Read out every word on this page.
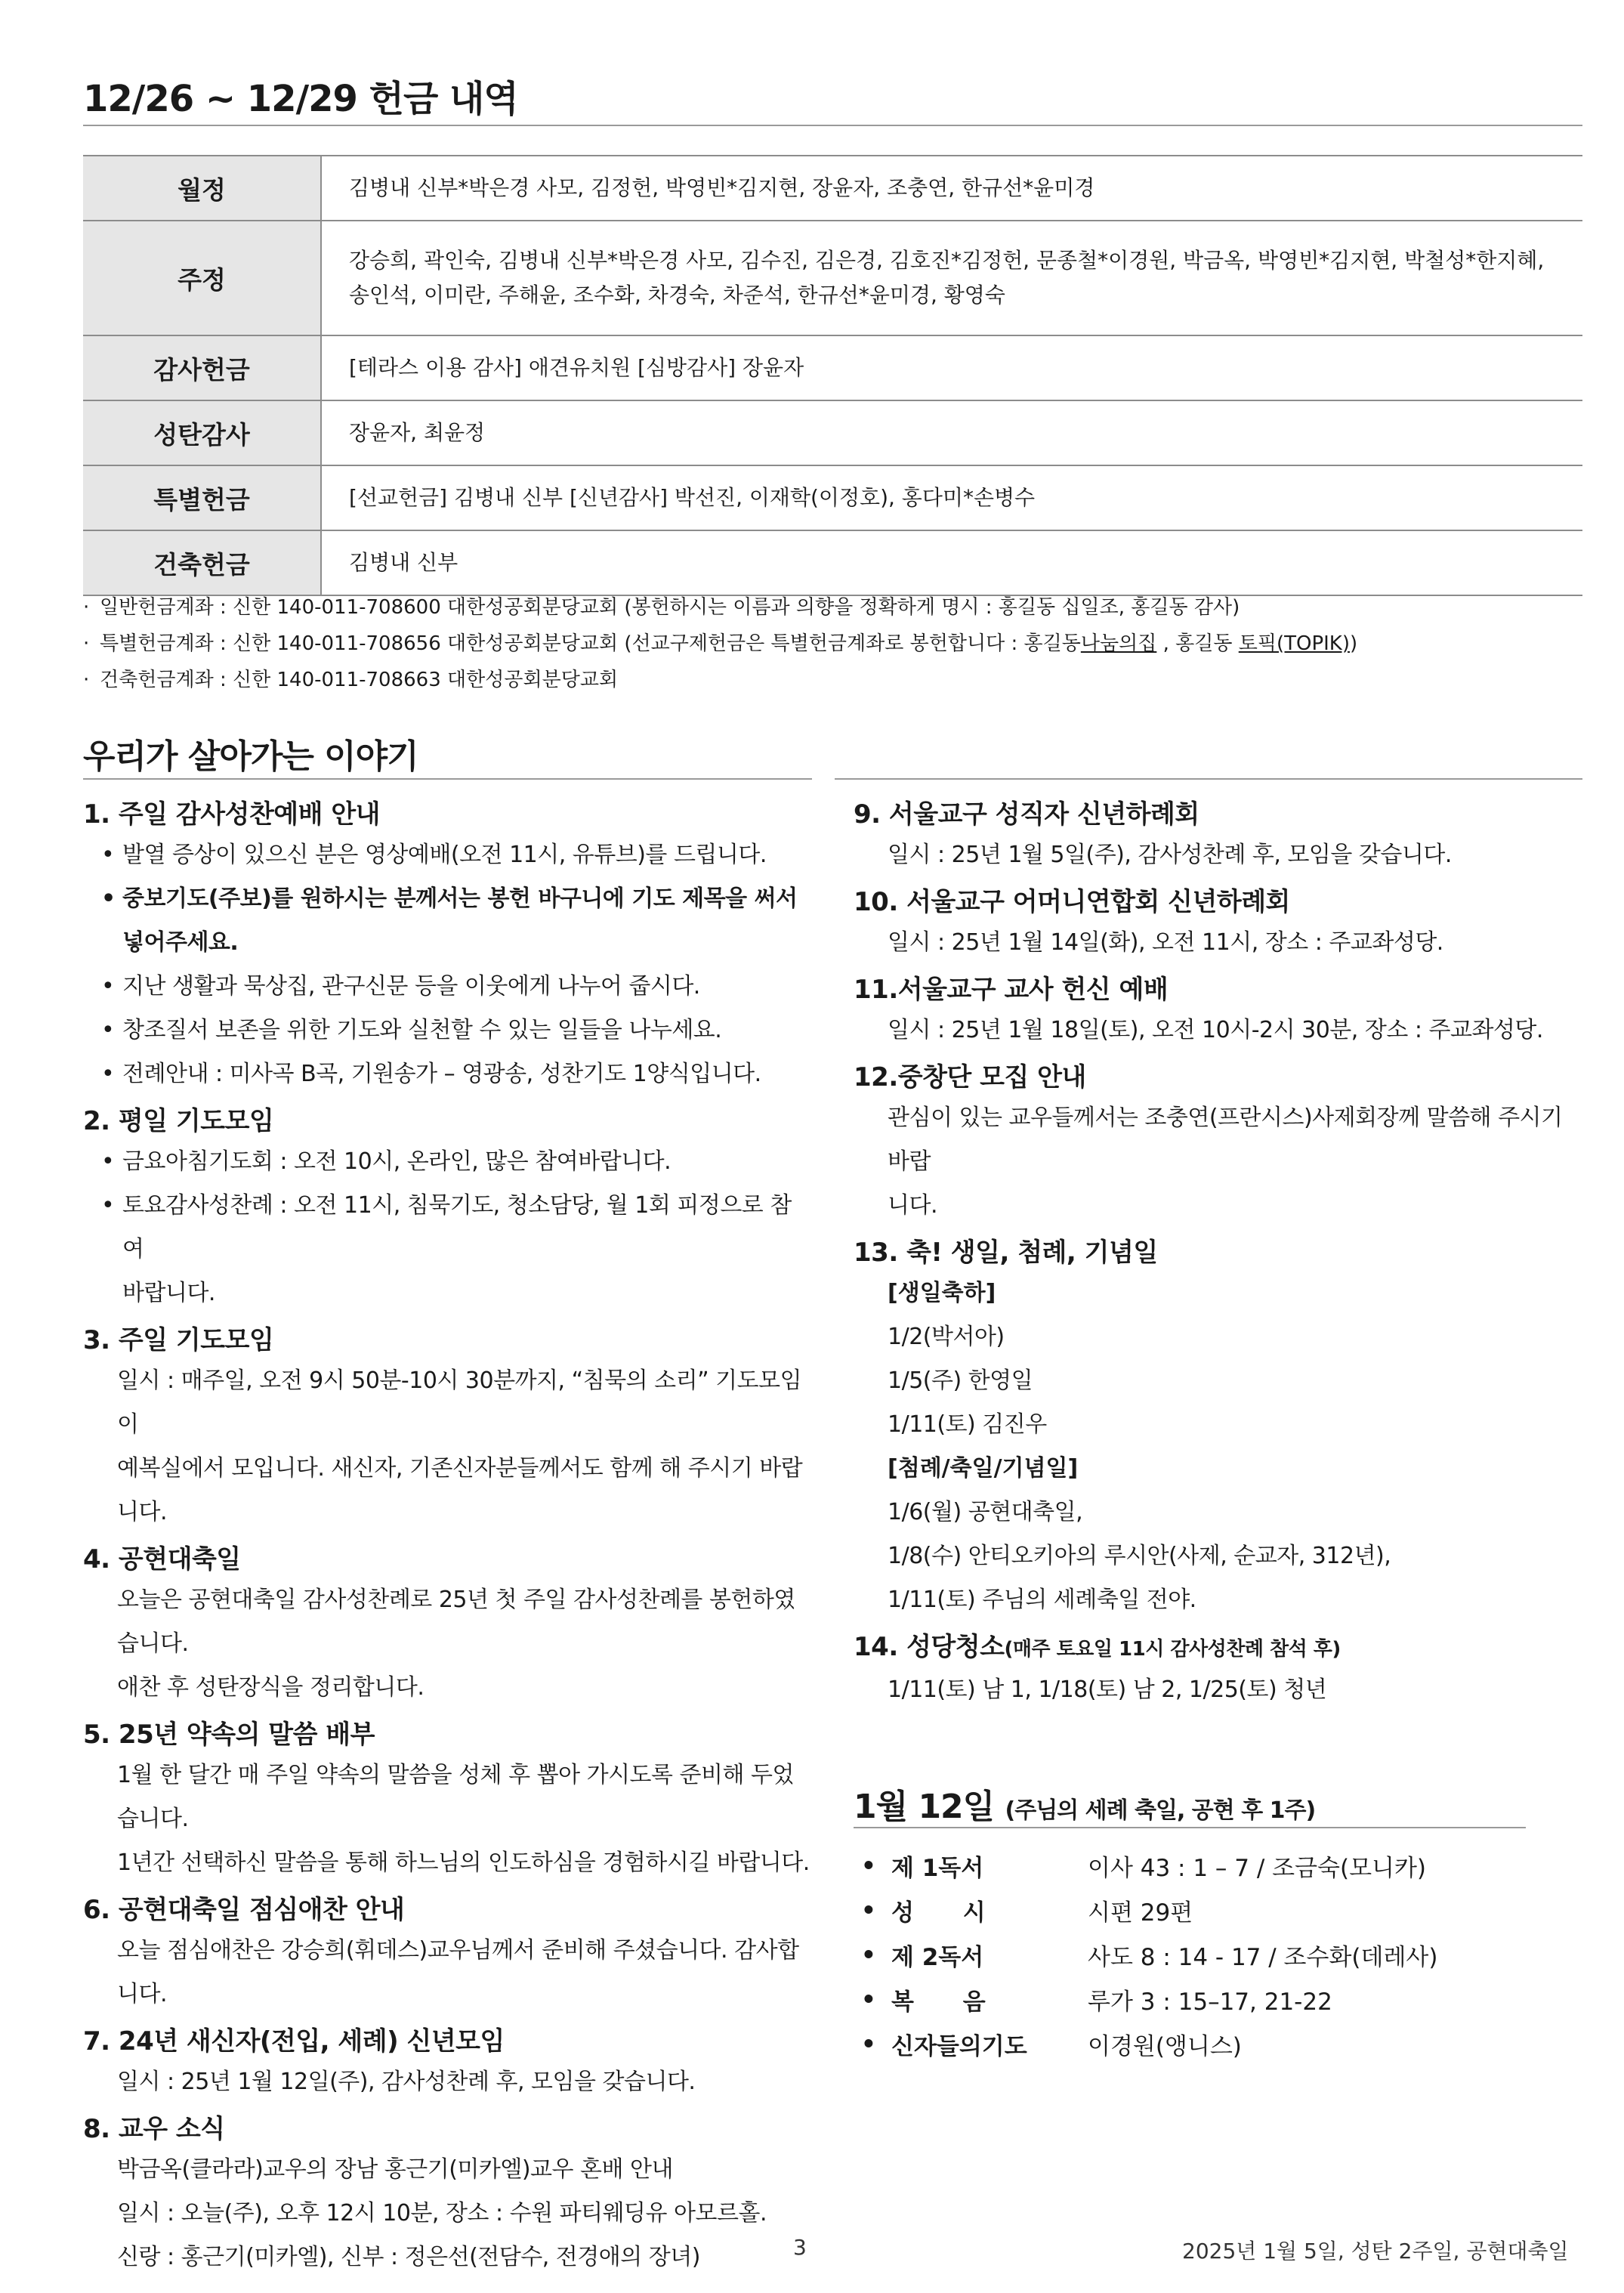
12/26 ~ 12/29 헌금 내역
월정	김병내 신부*박은경 사모, 김정헌, 박영빈*김지현, 장윤자, 조충연, 한규선*윤미경
주정	강승희, 곽인숙, 김병내 신부*박은경 사모, 김수진, 김은경, 김호진*김정헌, 문종철*이경원, 박금옥, 박영빈*김지현, 박철성*한지혜, 송인석, 이미란, 주해윤, 조수화, 차경숙, 차준석, 한규선*윤미경, 황영숙
감사헌금	[테라스 이용 감사] 애견유치원 [심방감사] 장윤자
성탄감사	장윤자, 최윤정
특별헌금	[선교헌금] 김병내 신부 [신년감사] 박선진, 이재학(이정호), 홍다미*손병수
건축헌금	김병내 신부
· 일반헌금계좌 : 신한 140-011-708600 대한성공회분당교회 (봉헌하시는 이름과 의향을 정확하게 명시 : 홍길동 십일조, 홍길동 감사)
· 특별헌금계좌 : 신한 140-011-708656 대한성공회분당교회 (선교구제헌금은 특별헌금계좌로 봉헌합니다 : 홍길동나눔의집 , 홍길동 토픽(TOPIK))
· 건축헌금계좌 : 신한 140-011-708663 대한성공회분당교회
우리가 살아가는 이야기
1. 주일 감사성찬예배 안내
• 발열 증상이 있으신 분은 영상예배(오전 11시, 유튜브)를 드립니다.
• 중보기도(주보)를 원하시는 분께서는 봉헌 바구니에 기도 제목을 써서
넣어주세요.
• 지난 생활과 묵상집, 관구신문 등을 이웃에게 나누어 줍시다.
• 창조질서 보존을 위한 기도와 실천할 수 있는 일들을 나누세요.
• 전례안내 : 미사곡 B곡, 기원송가 – 영광송, 성찬기도 1양식입니다.
2. 평일 기도모임
• 금요아침기도회 : 오전 10시, 온라인, 많은 참여바랍니다.
• 토요감사성찬례 : 오전 11시, 침묵기도, 청소담당, 월 1회 피정으로 참여
바랍니다.
3. 주일 기도모임
일시 : 매주일, 오전 9시 50분-10시 30분까지, “침묵의 소리” 기도모임이
예복실에서 모입니다. 새신자, 기존신자분들께서도 함께 해 주시기 바랍
니다.
4. 공현대축일
오늘은 공현대축일 감사성찬례로 25년 첫 주일 감사성찬례를 봉헌하였습니다.
애찬 후 성탄장식을 정리합니다.
5. 25년 약속의 말씀 배부
1월 한 달간 매 주일 약속의 말씀을 성체 후 뽑아 가시도록 준비해 두었습니다.
1년간 선택하신 말씀을 통해 하느님의 인도하심을 경험하시길 바랍니다.
6. 공현대축일 점심애찬 안내
오늘 점심애찬은 강승희(휘데스)교우님께서 준비해 주셨습니다. 감사합니다.
7. 24년 새신자(전입, 세례) 신년모임
일시 : 25년 1월 12일(주), 감사성찬례 후, 모임을 갖습니다.
8. 교우 소식
박금옥(클라라)교우의 장남 홍근기(미카엘)교우 혼배 안내
일시 : 오늘(주), 오후 12시 10분, 장소 : 수원 파티웨딩유 아모르홀.
신랑 : 홍근기(미카엘), 신부 : 정은선(전담수, 전경애의 장녀)
9. 서울교구 성직자 신년하례회
일시 : 25년 1월 5일(주), 감사성찬례 후, 모임을 갖습니다.
10. 서울교구 어머니연합회 신년하례회
일시 : 25년 1월 14일(화), 오전 11시, 장소 : 주교좌성당.
11.서울교구 교사 헌신 예배
일시 : 25년 1월 18일(토), 오전 10시-2시 30분, 장소 : 주교좌성당.
12.중창단 모집 안내
관심이 있는 교우들께서는 조충연(프란시스)사제회장께 말씀해 주시기 바랍
니다.
13. 축! 생일, 첨례, 기념일
[생일축하]
1/2(박서아)
1/5(주) 한영일
1/11(토) 김진우
[첨례/축일/기념일]
1/6(월) 공현대축일,
1/8(수) 안티오키아의 루시안(사제, 순교자, 312년),
1/11(토) 주님의 세례축일 전야.
14. 성당청소(매주 토요일 11시 감사성찬례 참석 후)
1/11(토) 남 1, 1/18(토) 남 2, 1/25(토) 청년
1월 12일 (주님의 세례 축일, 공현 후 1주)
• 제 1독서	이사 43 : 1 – 7 / 조금숙(모니카)
• 성      시	시편 29편
• 제 2독서	사도 8 : 14 - 17 / 조수화(데레사)
• 복      음	루가 3 : 15–17, 21-22
• 신자들의기도	이경원(앵니스)
3	2025년 1월 5일, 성탄 2주일, 공현대축일
